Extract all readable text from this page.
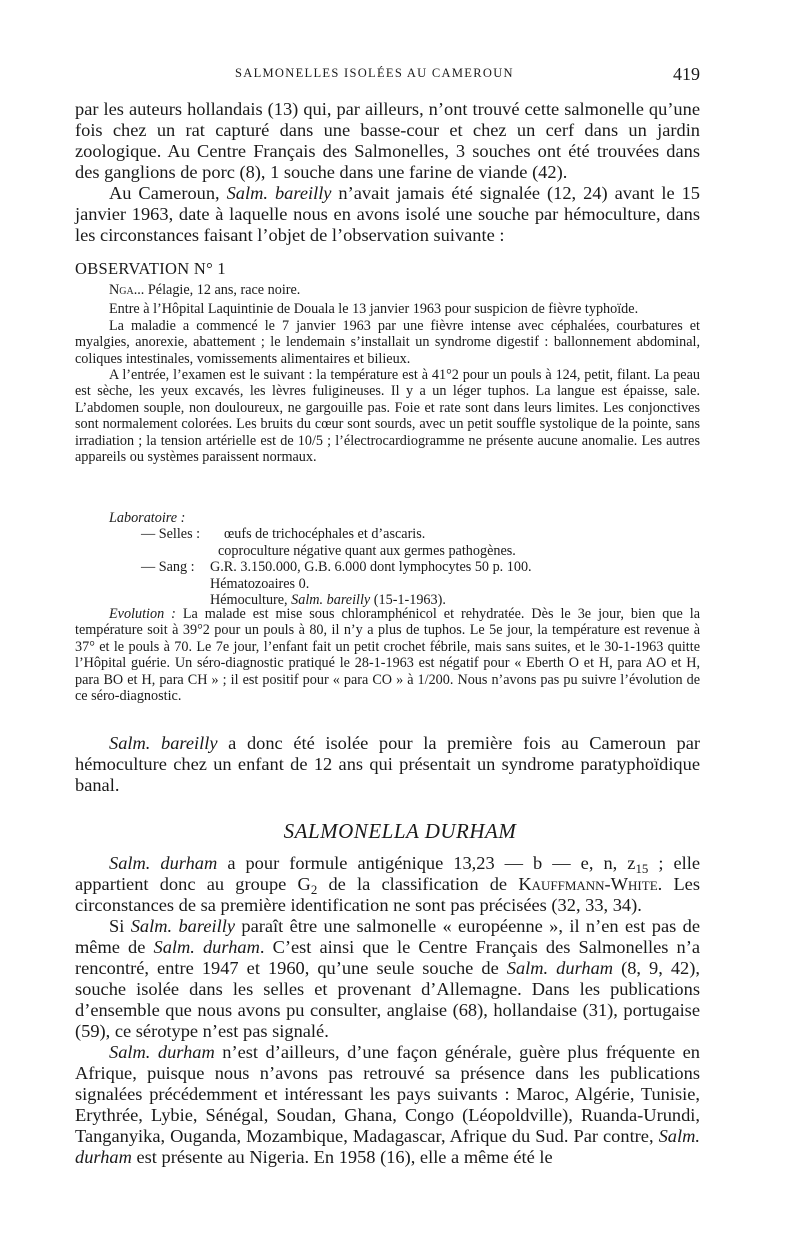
SALMONELLES ISOLÉES AU CAMEROUN	419

par les auteurs hollandais (13) qui, par ailleurs, n’ont trouvé cette salmonelle qu’une fois chez un rat capturé dans une basse-cour et chez un cerf dans un jardin zoologique. Au Centre Français des Salmonelles, 3 souches ont été trouvées dans des ganglions de porc (8), 1 souche dans une farine de viande (42).

Au Cameroun, Salm. bareilly n’avait jamais été signalée (12, 24) avant le 15 janvier 1963, date à laquelle nous en avons isolé une souche par hémoculture, dans les circonstances faisant l’objet de l’observation suivante :

OBSERVATION N° 1

Nga... Pélagie, 12 ans, race noire.

Entre à l’Hôpital Laquintinie de Douala le 13 janvier 1963 pour suspicion de fièvre typhoïde.

La maladie a commencé le 7 janvier 1963 par une fièvre intense avec céphalées, courbatures et myalgies, anorexie, abattement ; le lendemain s’installait un syndrome digestif : ballonnement abdominal, coliques intestinales, vomissements alimentaires et bilieux.

A l’entrée, l’examen est le suivant : la température est à 41°2 pour un pouls à 124, petit, filant. La peau est sèche, les yeux excavés, les lèvres fuligineuses. Il y a un léger tuphos. La langue est épaisse, sale. L’abdomen souple, non douloureux, ne gargouille pas. Foie et rate sont dans leurs limites. Les conjonctives sont normalement colorées. Les bruits du cœur sont sourds, avec un petit souffle systolique de la pointe, sans irradiation ; la tension artérielle est de 10/5 ; l’électrocardiogramme ne présente aucune anomalie. Les autres appareils ou systèmes paraissent normaux.

Laboratoire :
— Selles : œufs de trichocéphales et d’ascaris.
coproculture négative quant aux germes pathogènes.
— Sang : G.R. 3.150.000, G.B. 6.000 dont lymphocytes 50 p. 100.
Hématozoaires 0.
Hémoculture, Salm. bareilly (15-1-1963).

Evolution : La malade est mise sous chloramphénicol et rehydratée. Dès le 3e jour, bien que la température soit à 39°2 pour un pouls à 80, il n’y a plus de tuphos. Le 5e jour, la température est revenue à 37° et le pouls à 70. Le 7e jour, l’enfant fait un petit crochet fébrile, mais sans suites, et le 30-1-1963 quitte l’Hôpital guérie. Un séro-diagnostic pratiqué le 28-1-1963 est négatif pour « Eberth O et H, para AO et H, para BO et H, para CH » ; il est positif pour « para CO » à 1/200. Nous n’avons pas pu suivre l’évolution de ce séro-diagnostic.

Salm. bareilly a donc été isolée pour la première fois au Cameroun par hémoculture chez un enfant de 12 ans qui présentait un syndrome paratyphoïdique banal.

SALMONELLA DURHAM

Salm. durham a pour formule antigénique 13,23 — b — e, n, $z_{15}$ ; elle appartient donc au groupe $G_2$ de la classification de Kauffmann-White. Les circonstances de sa première identification ne sont pas précisées (32, 33, 34).

Si Salm. bareilly paraît être une salmonelle « européenne », il n’en est pas de même de Salm. durham. C’est ainsi que le Centre Français des Salmonelles n’a rencontré, entre 1947 et 1960, qu’une seule souche de Salm. durham (8, 9, 42), souche isolée dans les selles et provenant d’Allemagne. Dans les publications d’ensemble que nous avons pu consulter, anglaise (68), hollandaise (31), portugaise (59), ce sérotype n’est pas signalé.

Salm. durham n’est d’ailleurs, d’une façon générale, guère plus fréquente en Afrique, puisque nous n’avons pas retrouvé sa présence dans les publications signalées précédemment et intéressant les pays suivants : Maroc, Algérie, Tunisie, Erythrée, Lybie, Sénégal, Soudan, Ghana, Congo (Léopoldville), Ruanda-Urundi, Tanganyika, Ouganda, Mozambique, Madagascar, Afrique du Sud. Par contre, Salm. durham est présente au Nigeria. En 1958 (16), elle a même été le
